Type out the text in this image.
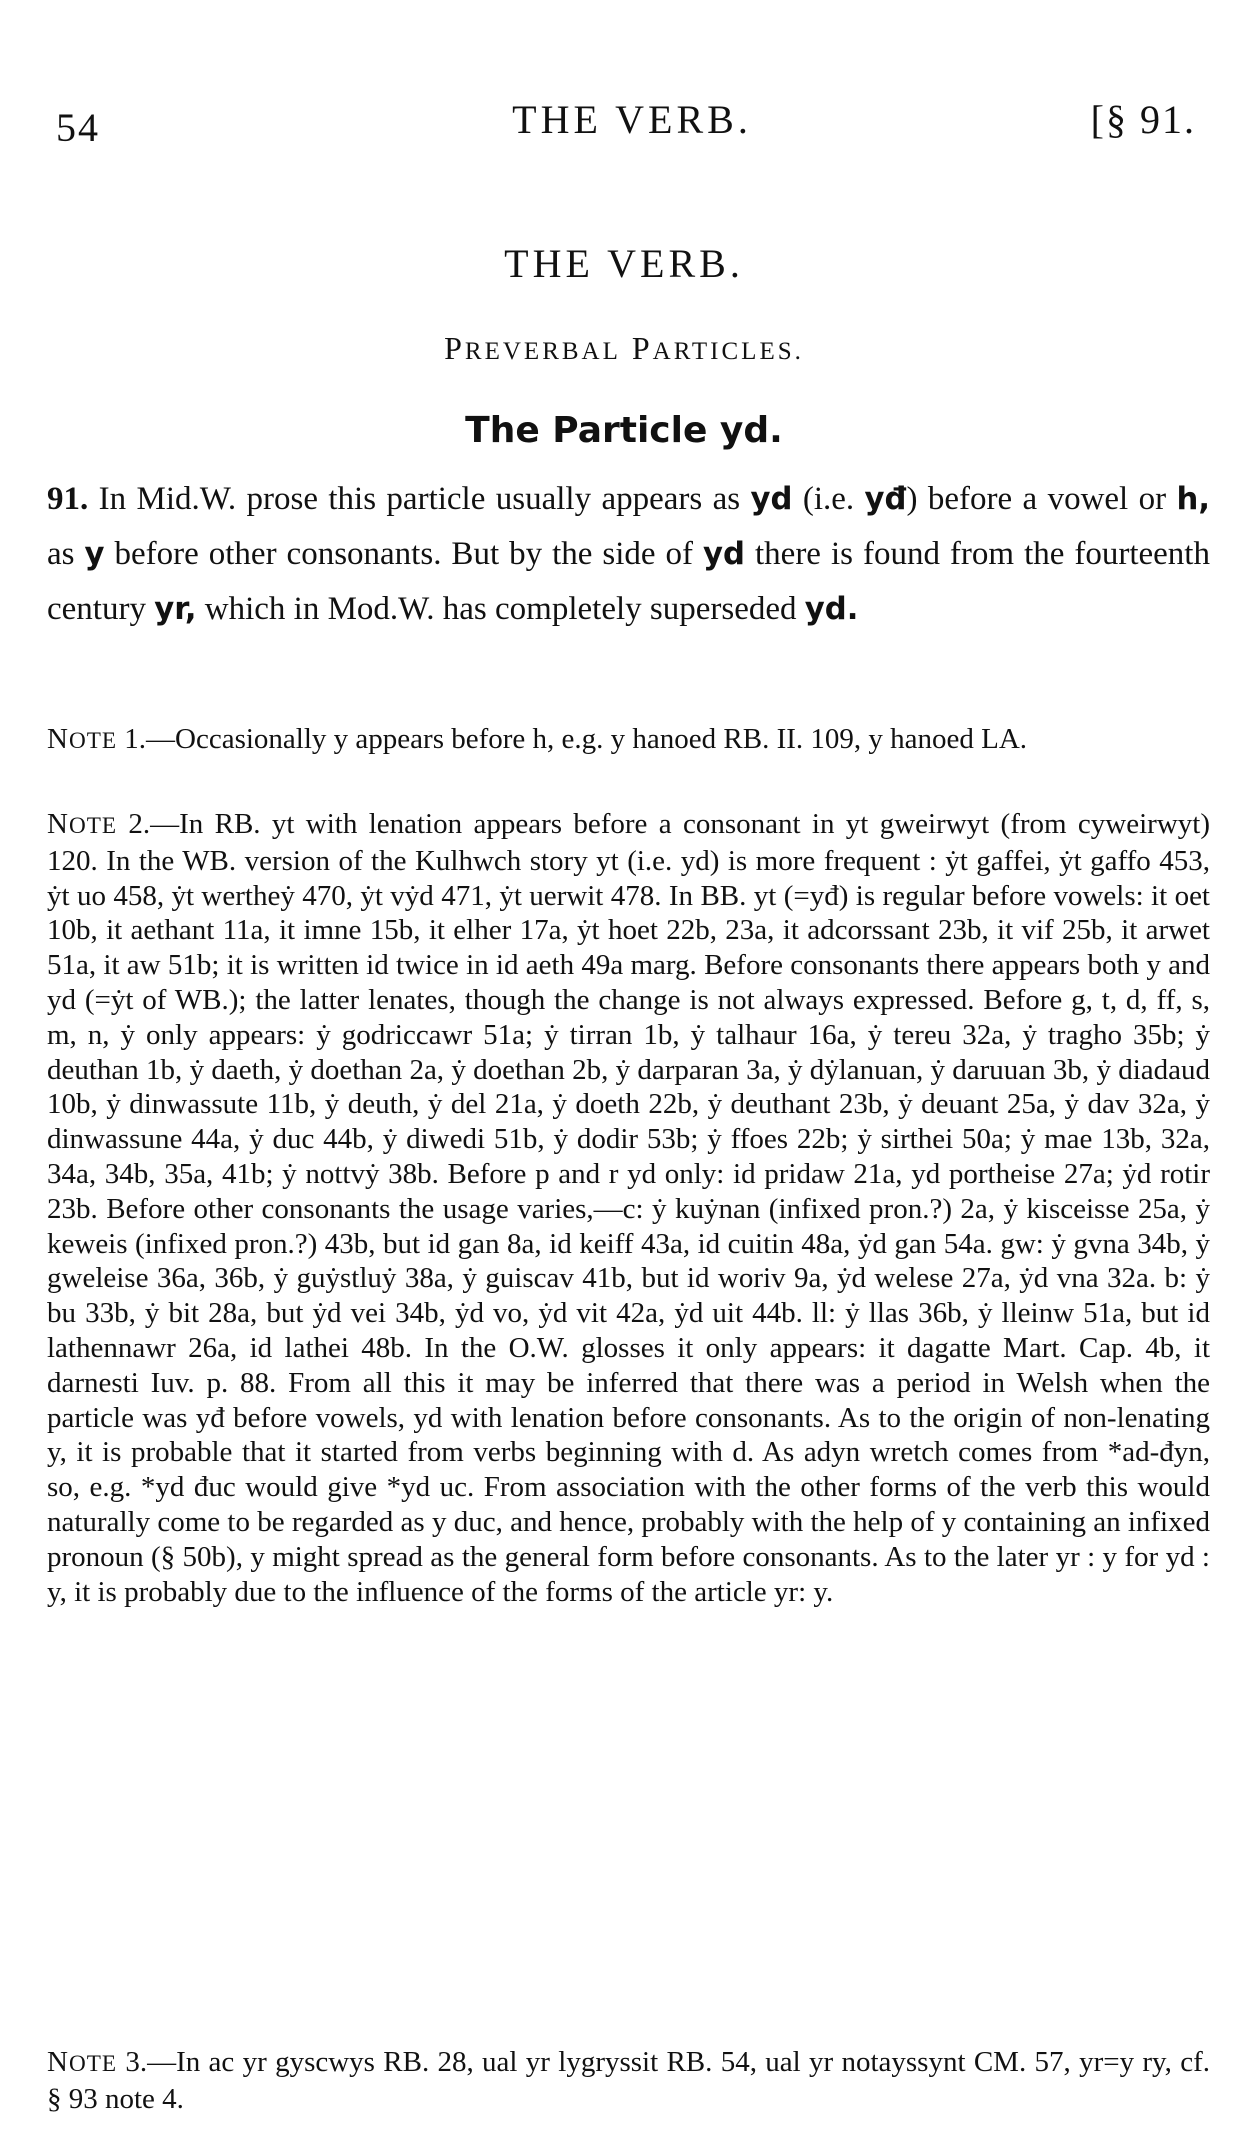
54	THE VERB.	[§ 91.
THE VERB.
PREVERBAL PARTICLES.
The Particle yd.
91. In Mid.W. prose this particle usually appears as yd (i.e. yđ) before a vowel or h, as y before other consonants. But by the side of yd there is found from the fourteenth century yr, which in Mod.W. has completely superseded yd.
NOTE 1.—Occasionally y appears before h, e.g. y hanoed RB. II. 109, y hanoed LA.
NOTE 2.—In RB. yt with lenation appears before a consonant in yt gweirwyt (from cyweirwyt) 120. In the WB. version of the Kulhwch story yt (i.e. yd) is more frequent : ẏt gaffei, ẏt gaffo 453, ẏt uo 458, ẏt wertheẏ 470, ẏt vẏd 471, ẏt uerwit 478. In BB. yt (=yđ) is regular before vowels: it oet 10b, it aethant 11a, it imne 15b, it elher 17a, ẏt hoet 22b, 23a, it adcorssant 23b, it vif 25b, it arwet 51a, it aw 51b; it is written id twice in id aeth 49a marg. Before consonants there appears both y and yd (=ẏt of WB.); the latter lenates, though the change is not always expressed. Before g, t, d, ff, s, m, n, ẏ only appears: ẏ godriccawr 51a; ẏ tirran 1b, ẏ talhaur 16a, ẏ tereu 32a, ẏ tragho 35b; ẏ deuthan 1b, ẏ daeth, ẏ doethan 2a, ẏ doethan 2b, ẏ darparan 3a, ẏ dẏlanuan, ẏ daruuan 3b, ẏ diadaud 10b, ẏ dinwassute 11b, ẏ deuth, ẏ del 21a, ẏ doeth 22b, ẏ deuthant 23b, ẏ deuant 25a, ẏ dav 32a, ẏ dinwassune 44a, ẏ duc 44b, ẏ diwedi 51b, ẏ dodir 53b; ẏ ffoes 22b; ẏ sirthei 50a; ẏ mae 13b, 32a, 34a, 34b, 35a, 41b; ẏ nottvẏ 38b. Before p and r yd only: id pridaw 21a, yd portheise 27a; ẏd rotir 23b. Before other consonants the usage varies,—c: ẏ kuẏnan (infixed pron.?) 2a, ẏ kisceisse 25a, ẏ keweis (infixed pron.?) 43b, but id gan 8a, id keiff 43a, id cuitin 48a, ẏd gan 54a. gw: ẏ gvna 34b, ẏ gweleise 36a, 36b, ẏ guẏstluẏ 38a, ẏ guiscav 41b, but id woriv 9a, ẏd welese 27a, ẏd vna 32a. b: ẏ bu 33b, ẏ bit 28a, but ẏd vei 34b, ẏd vo, ẏd vit 42a, ẏd uit 44b. ll: ẏ llas 36b, ẏ lleinw 51a, but id lathennawr 26a, id lathei 48b. In the O.W. glosses it only appears: it dagatte Mart. Cap. 4b, it darnesti Iuv. p. 88. From all this it may be inferred that there was a period in Welsh when the particle was yđ before vowels, yd with lenation before consonants. As to the origin of non-lenating y, it is probable that it started from verbs beginning with d. As adyn wretch comes from *ad-đyn, so, e.g. *yd đuc would give *yd uc. From association with the other forms of the verb this would naturally come to be regarded as y duc, and hence, probably with the help of y containing an infixed pronoun (§ 50b), y might spread as the general form before consonants. As to the later yr : y for yd : y, it is probably due to the influence of the forms of the article yr: y.
NOTE 3.—In ac yr gyscwys RB. 28, ual yr lygryssit RB. 54, ual yr notayssynt CM. 57, yr=y ry, cf. § 93 note 4.
